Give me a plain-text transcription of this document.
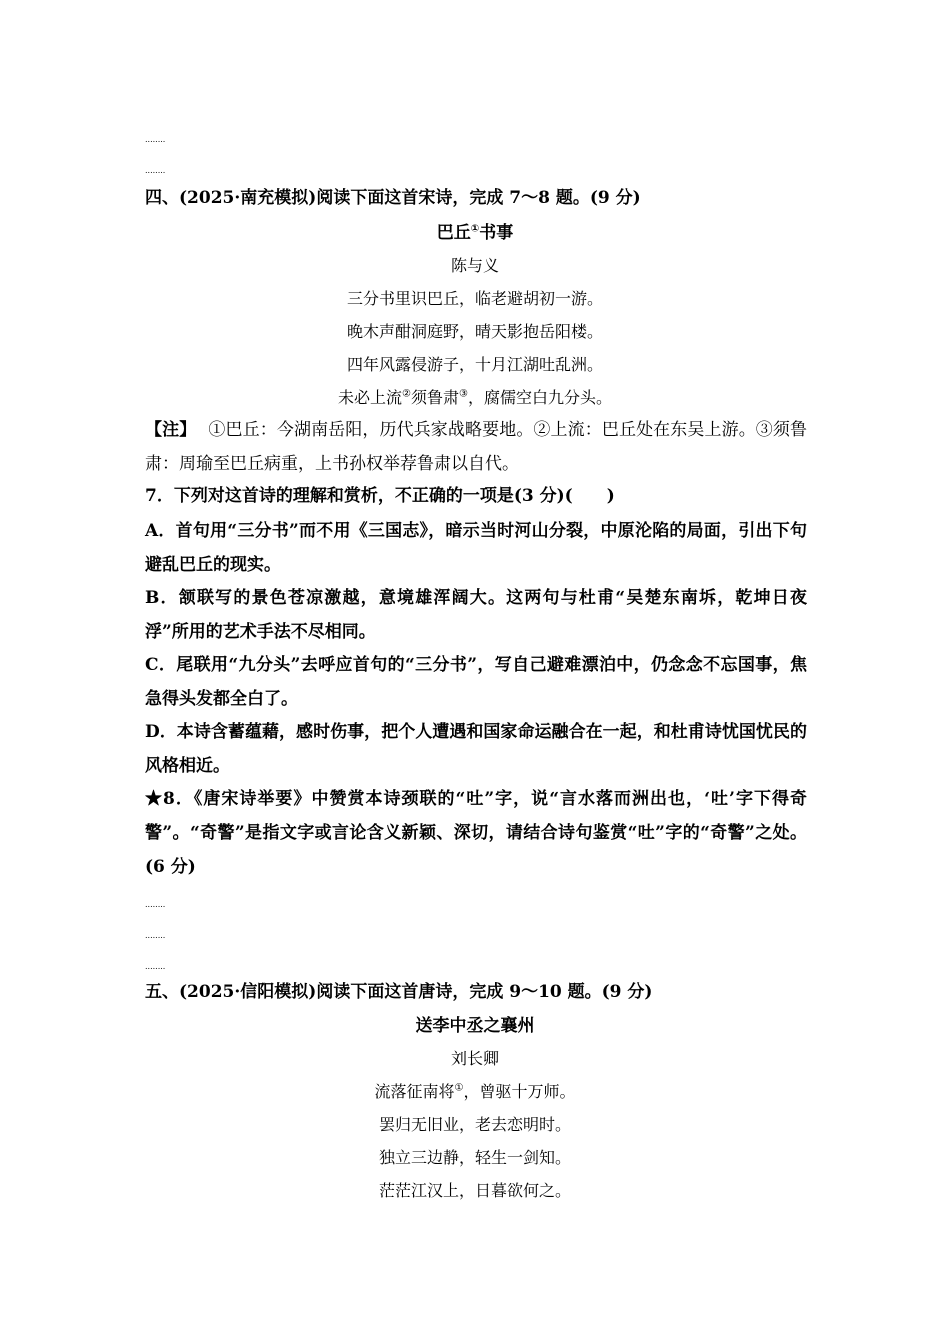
........
........
四、(2025·南充模拟)阅读下面这首宋诗，完成 7～8 题。(9 分)
巴丘①书事
陈与义
三分书里识巴丘，临老避胡初一游。
晚木声酣洞庭野，晴天影抱岳阳楼。
四年风露侵游子，十月江湖吐乱洲。
未必上流②须鲁肃③，腐儒空白九分头。
【注】 ①巴丘：今湖南岳阳，历代兵家战略要地。②上流：巴丘处在东吴上游。③须鲁肃：周瑜至巴丘病重，上书孙权举荐鲁肃以自代。
7．下列对这首诗的理解和赏析，不正确的一项是(3 分)(　　)
A．首句用“三分书”而不用《三国志》，暗示当时河山分裂，中原沦陷的局面，引出下句避乱巴丘的现实。
B．颔联写的景色苍凉激越，意境雄浑阔大。这两句与杜甫“吴楚东南坼，乾坤日夜浮”所用的艺术手法不尽相同。
C．尾联用“九分头”去呼应首句的“三分书”，写自己避难漂泊中，仍念念不忘国事，焦急得头发都全白了。
D．本诗含蓄蕴藉，感时伤事，把个人遭遇和国家命运融合在一起，和杜甫诗忧国忧民的风格相近。
★8．《唐宋诗举要》中赞赏本诗颈联的“吐”字，说“言水落而洲出也，‘吐’字下得奇警”。“奇警”是指文字或言论含义新颖、深切，请结合诗句鉴赏“吐”字的“奇警”之处。(6 分)
........
........
........
五、(2025·信阳模拟)阅读下面这首唐诗，完成 9～10 题。(9 分)
送李中丞之襄州
刘长卿
流落征南将①，曾驱十万师。
罢归无旧业，老去恋明时。
独立三边静，轻生一剑知。
茫茫江汉上，日暮欲何之。
